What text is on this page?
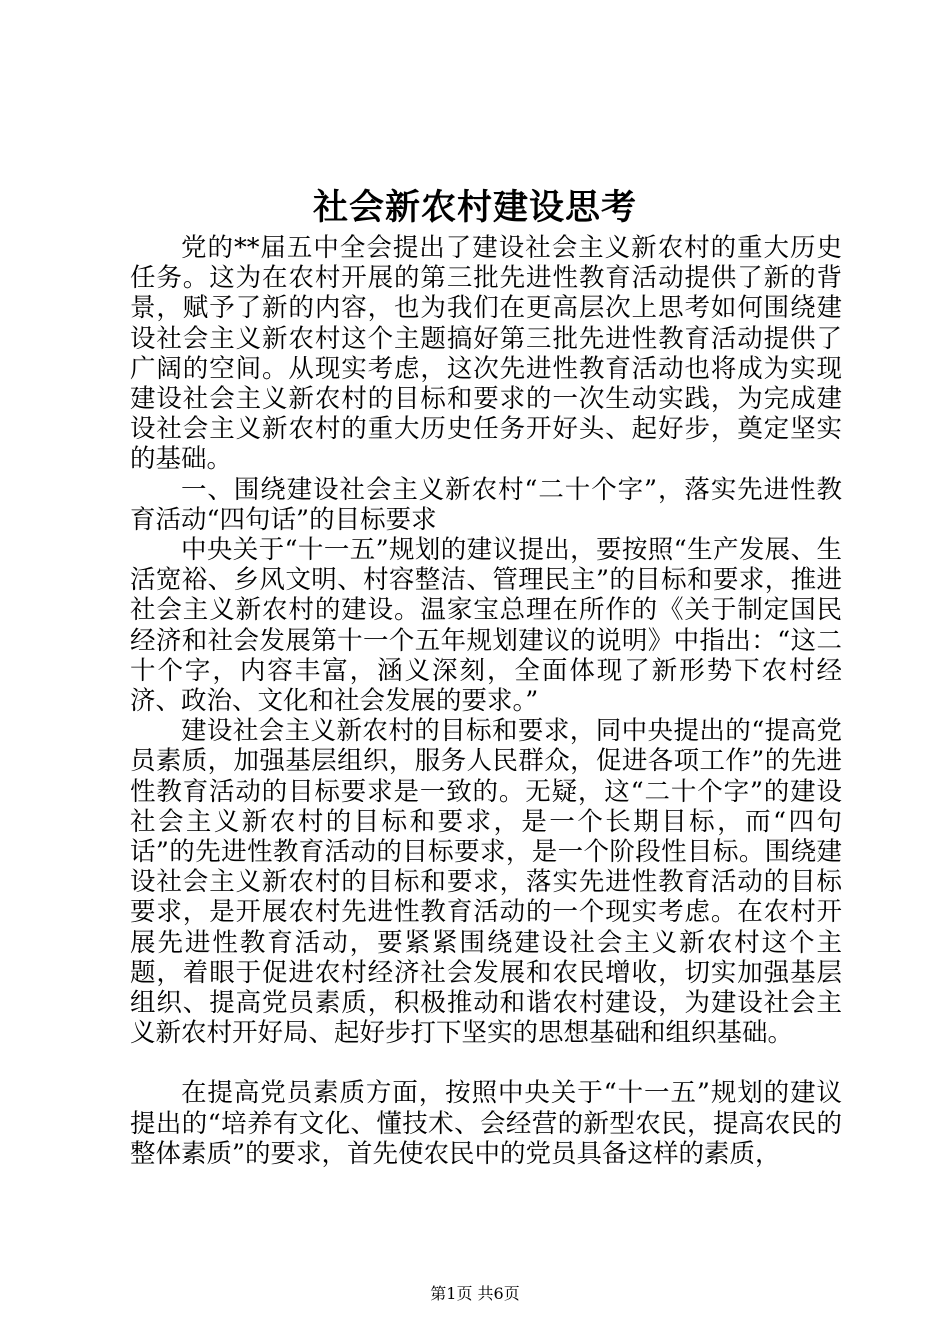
社会新农村建设思考

党的**届五中全会提出了建设社会主义新农村的重大历史任务。这为在农村开展的第三批先进性教育活动提供了新的背景，赋予了新的内容，也为我们在更高层次上思考如何围绕建设社会主义新农村这个主题搞好第三批先进性教育活动提供了广阔的空间。从现实考虑，这次先进性教育活动也将成为实现建设社会主义新农村的目标和要求的一次生动实践，为完成建设社会主义新农村的重大历史任务开好头、起好步，奠定坚实的基础。

一、围绕建设社会主义新农村“二十个字”，落实先进性教育活动“四句话”的目标要求

中央关于“十一五”规划的建议提出，要按照“生产发展、生活宽裕、乡风文明、村容整洁、管理民主”的目标和要求，推进社会主义新农村的建设。温家宝总理在所作的《关于制定国民经济和社会发展第十一个五年规划建议的说明》中指出：“这二十个字，内容丰富，涵义深刻，全面体现了新形势下农村经济、政治、文化和社会发展的要求。”

建设社会主义新农村的目标和要求，同中央提出的“提高党员素质，加强基层组织，服务人民群众，促进各项工作”的先进性教育活动的目标要求是一致的。无疑，这“二十个字”的建设社会主义新农村的目标和要求，是一个长期目标，而“四句话”的先进性教育活动的目标要求，是一个阶段性目标。围绕建设社会主义新农村的目标和要求，落实先进性教育活动的目标要求，是开展农村先进性教育活动的一个现实考虑。在农村开展先进性教育活动，要紧紧围绕建设社会主义新农村这个主题，着眼于促进农村经济社会发展和农民增收，切实加强基层组织、提高党员素质，积极推动和谐农村建设，为建设社会主义新农村开好局、起好步打下坚实的思想基础和组织基础。

在提高党员素质方面，按照中央关于“十一五”规划的建议提出的“培养有文化、懂技术、会经营的新型农民，提高农民的整体素质”的要求，首先使农民中的党员具备这样的素质，

第1页 共6页
